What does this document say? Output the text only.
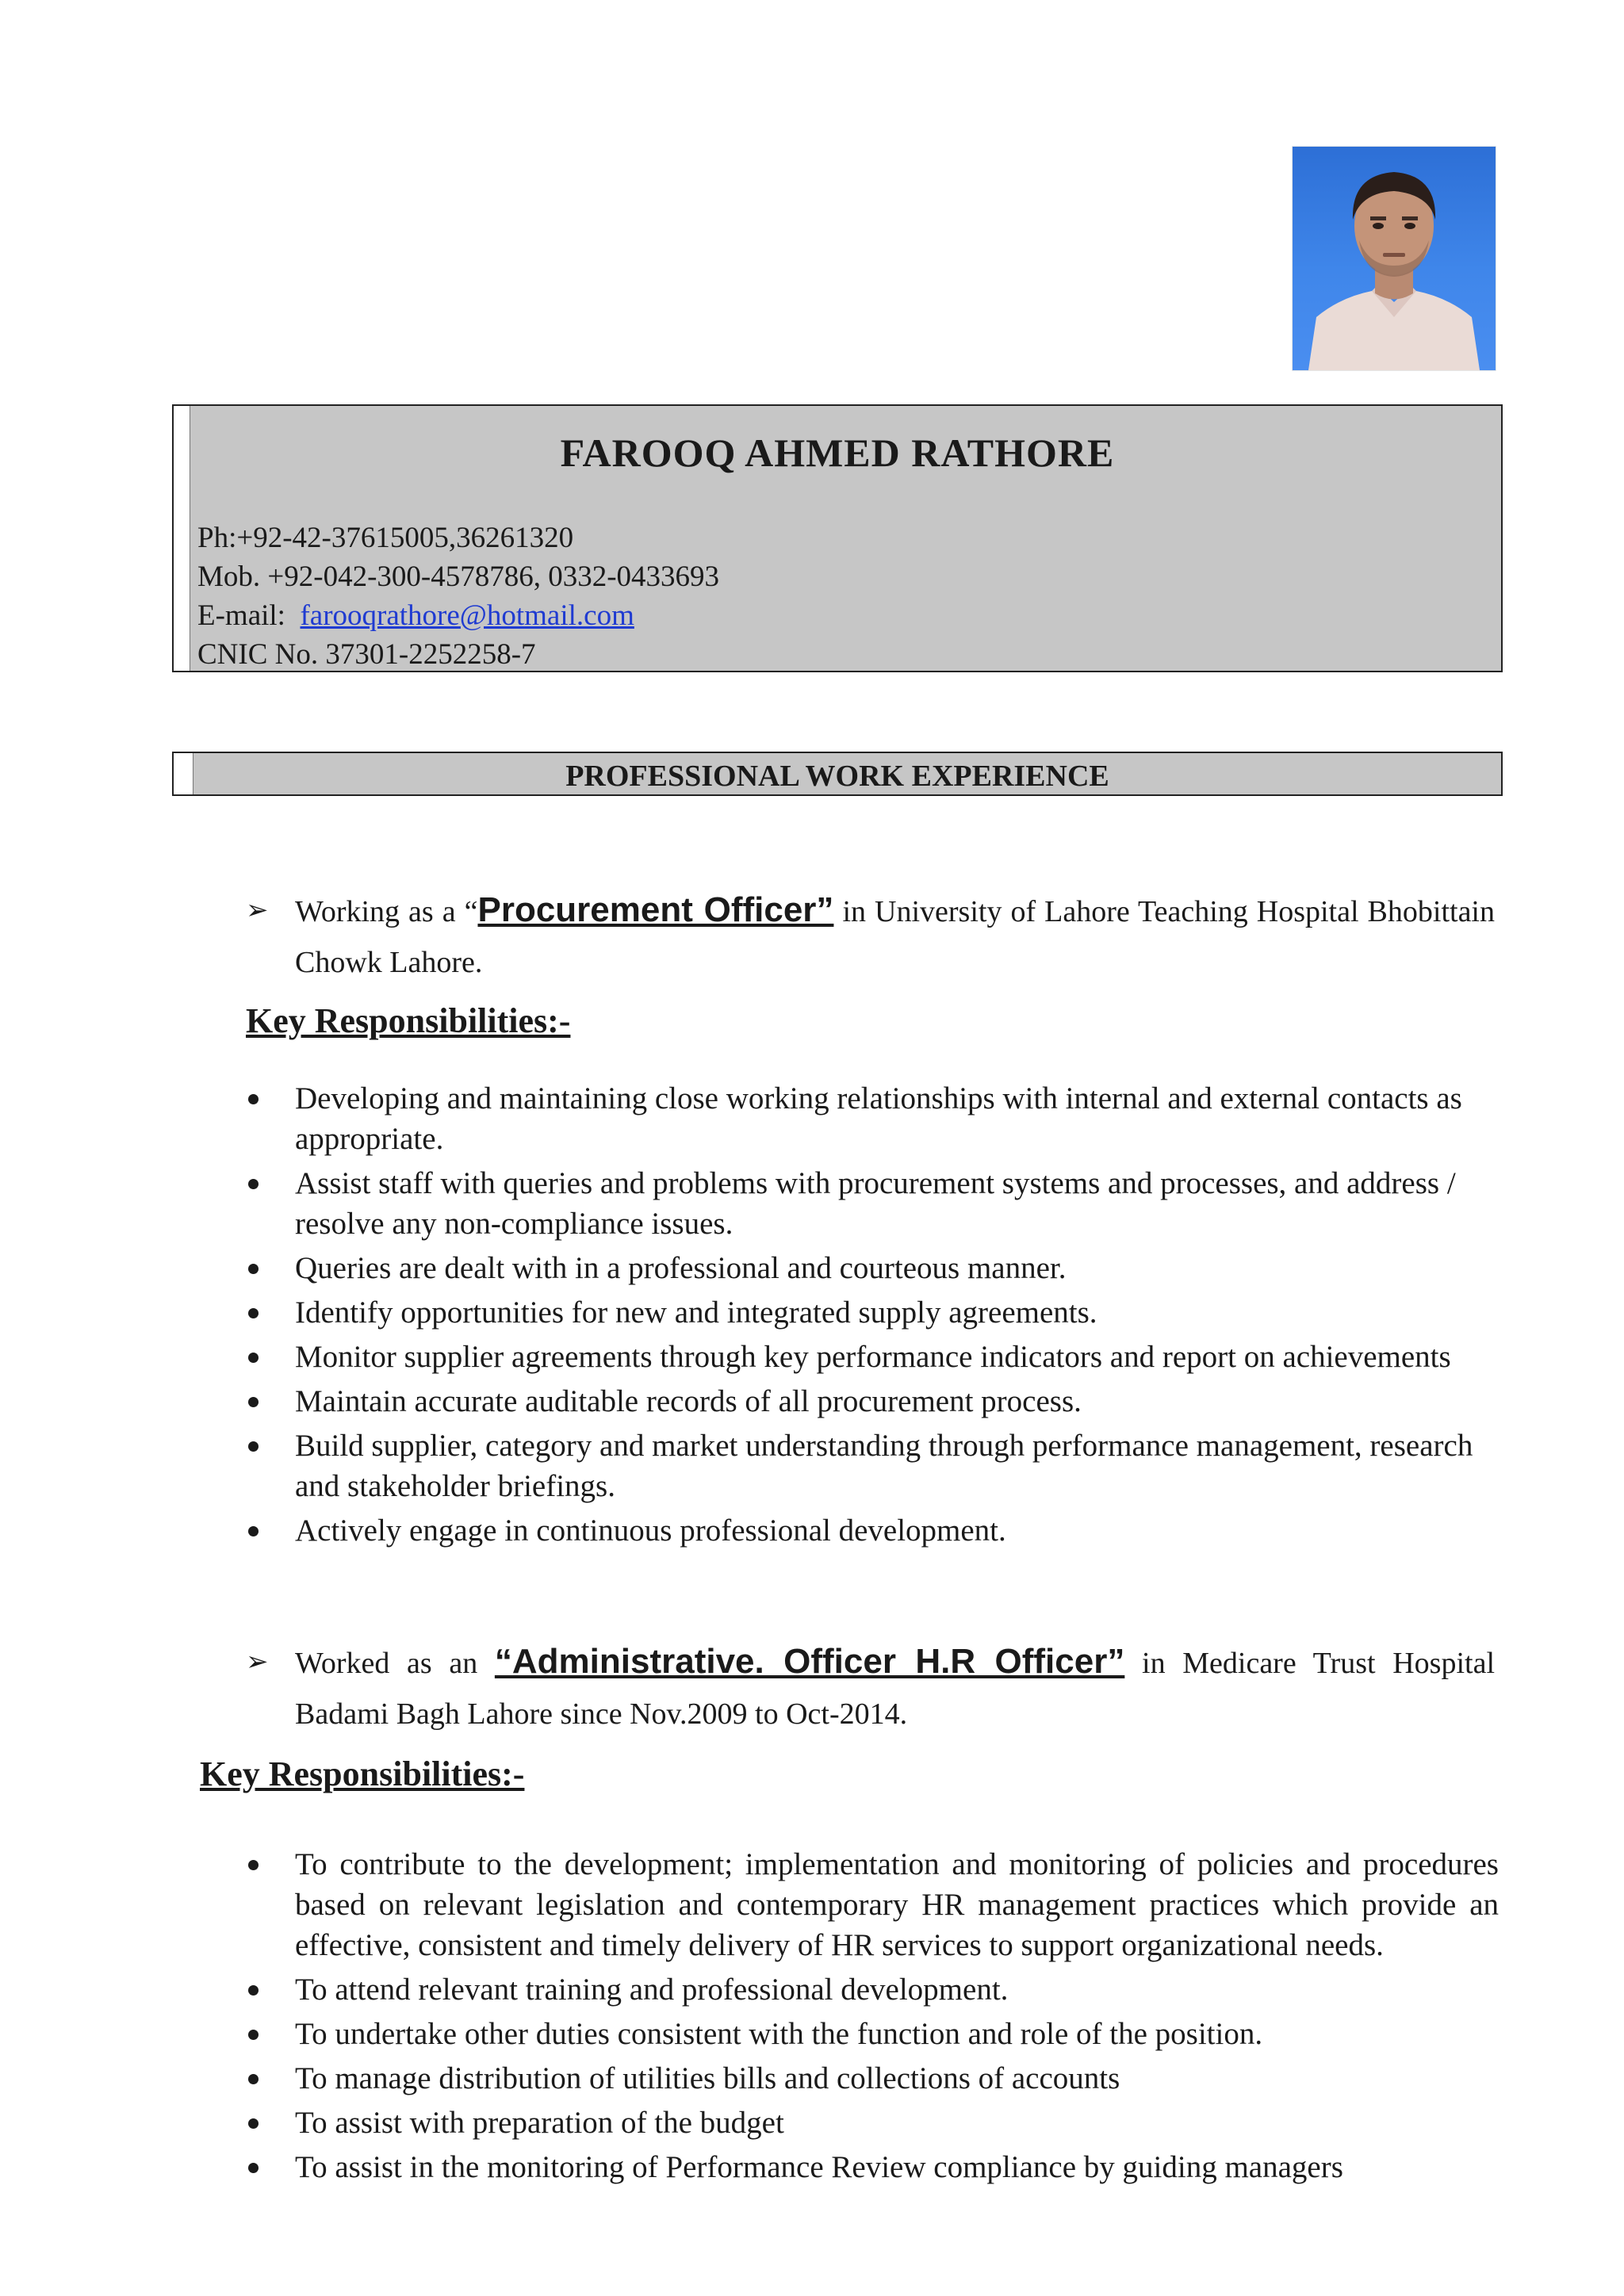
FAROOQ AHMED RATHORE
Ph:+92-42-37615005,36261320
Mob. +92-042-300-4578786, 0332-0433693
E-mail: farooqrathore@hotmail.com
CNIC No. 37301-2252258-7
PROFESSIONAL WORK EXPERIENCE
➢ Working as a “Procurement Officer” in University of Lahore Teaching Hospital Bhobittain Chowk Lahore.
Key Responsibilities:-
Developing and maintaining close working relationships with internal and external contacts as appropriate.
Assist staff with queries and problems with procurement systems and processes, and address / resolve any non-compliance issues.
Queries are dealt with in a professional and courteous manner.
Identify opportunities for new and integrated supply agreements.
Monitor supplier agreements through key performance indicators and report on achievements
Maintain accurate auditable records of all procurement process.
Build supplier, category and market understanding through performance management, research and stakeholder briefings.
Actively engage in continuous professional development.
➢ Worked as an “Administrative. Officer H.R Officer” in Medicare Trust Hospital Badami Bagh Lahore since Nov.2009 to Oct-2014.
Key Responsibilities:-
To contribute to the development; implementation and monitoring of policies and procedures based on relevant legislation and contemporary HR management practices which provide an effective, consistent and timely delivery of HR services to support organizational needs.
To attend relevant training and professional development.
To undertake other duties consistent with the function and role of the position.
To manage distribution of utilities bills and collections of accounts
To assist with preparation of the budget
To assist in the monitoring of Performance Review compliance by guiding managers
